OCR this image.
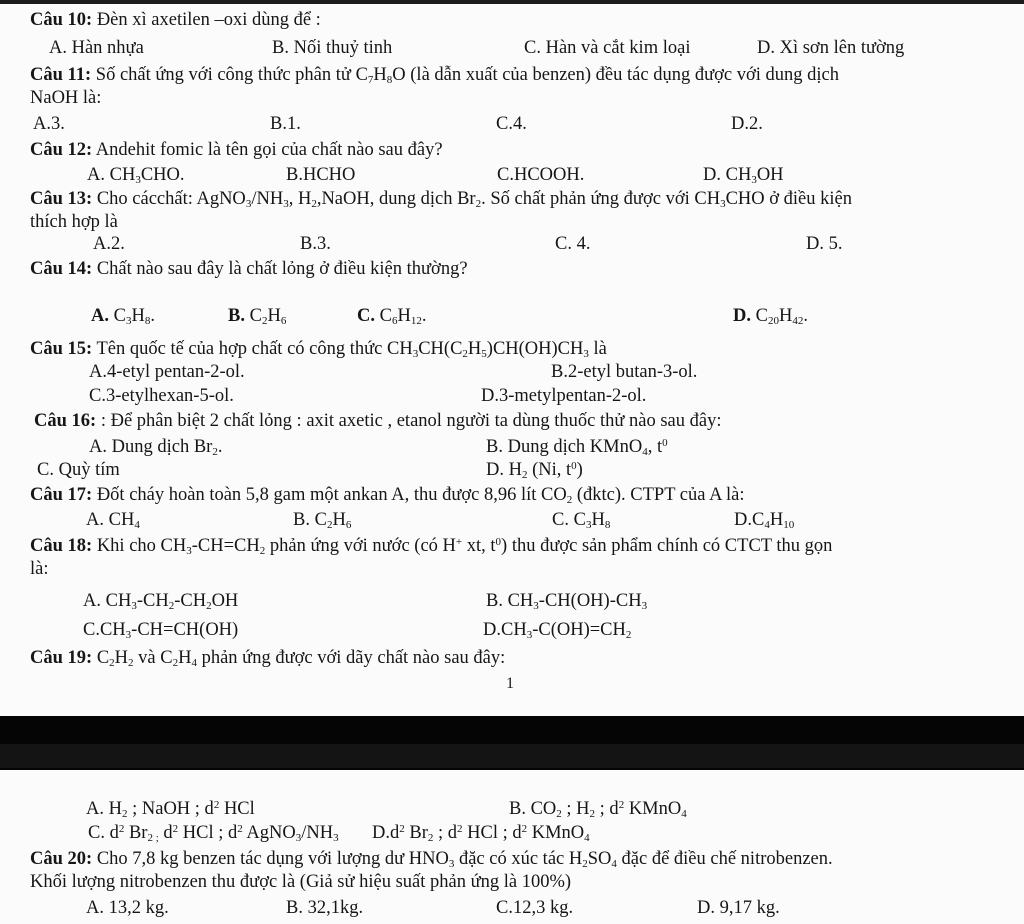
Câu 10: Đèn xì axetilen –oxi dùng để :
A. Hàn nhựa	B. Nối thuỷ tinh	C. Hàn và cắt kim loại	D. Xì sơn lên tường
Câu 11: Số chất ứng với công thức phân tử $C_7H_8O$ (là dẫn xuất của benzen) đều tác dụng được với dung dịch
NaOH là:
A.3.	B.1.	C.4.	D.2.
Câu 12: Andehit fomic là tên gọi của chất nào sau đây?
A. $CH_3CHO$.	B.HCHO	C.HCOOH.	D. $CH_3OH$
Câu 13: Cho cácchất: $AgNO_3/NH_3$, $H_2,NaOH$, dung dịch $Br_2$. Số chất phản ứng được với $CH_3CHO$ ở điều kiện
thích hợp là
A.2.	B.3.	C. 4.	D. 5.
Câu 14: Chất nào sau đây là chất lỏng ở điều kiện thường?
A. $C_3H_8$.	B. $C_2H_6$	C. $C_6H_{12}$.	D. $C_{20}H_{42}$.
Câu 15: Tên quốc tế của hợp chất có công thức $CH_3CH(C_2H_5)CH(OH)CH_3$ là
A.4-etyl pentan-2-ol.	B.2-etyl butan-3-ol.
C.3-etylhexan-5-ol.	D.3-metylpentan-2-ol.
Câu 16: : Để phân biệt 2 chất lỏng : axit axetic , etanol người ta dùng thuốc thử nào sau đây:
A. Dung dịch $Br_2$.	B. Dung dịch KMnO$_4$, $t^0$
C. Quỳ tím	D. $H_2$ (Ni, $t^0$)
Câu 17: Đốt cháy hoàn toàn 5,8 gam một ankan A, thu được 8,96 lít $CO_2$ (đktc). CTPT của A là:
A. $CH_4$	B. $C_2H_6$	C. $C_3H_8$	$D.C_4H_{10}$
Câu 18: Khi cho $CH_3-CH=CH_2$ phản ứng với nước (có H+ xt, $t^0$) thu được sản phẩm chính có CTCT thu gọn
là:
A. $CH_3-CH_2-CH_2OH$	B. $CH_3-CH(OH)-CH_3$
$C.CH_3-CH=CH(OH)$	$D.CH_3-C(OH)=CH_2$
Câu 19: $C_2H_2$ và $C_2H_4$ phản ứng được với dãy chất nào sau đây:
1
A. $H_2$ ; NaOH ; $d^2$ HCl	B. $CO_2$ ; $H_2$ ; $d^2$ KMnO$_4$
C. $d^2$ $Br_{2 ;}$ $d^2$ HCl ; $d^2$ $AgNO_3/NH_3$ $D.d^2$ $Br_2$ ; $d^2$ HCl ; $d^2$ KMnO$_4$
Câu 20: Cho 7,8 kg benzen tác dụng với lượng dư $HNO_3$ đặc có xúc tác $H_2SO_4$ đặc để điều chế nitrobenzen.
Khối lượng nitrobenzen thu được là (Giả sử hiệu suất phản ứng là 100%)
A. 13,2 kg.	B. 32,1kg.	C.12,3 kg.	D. 9,17 kg.
